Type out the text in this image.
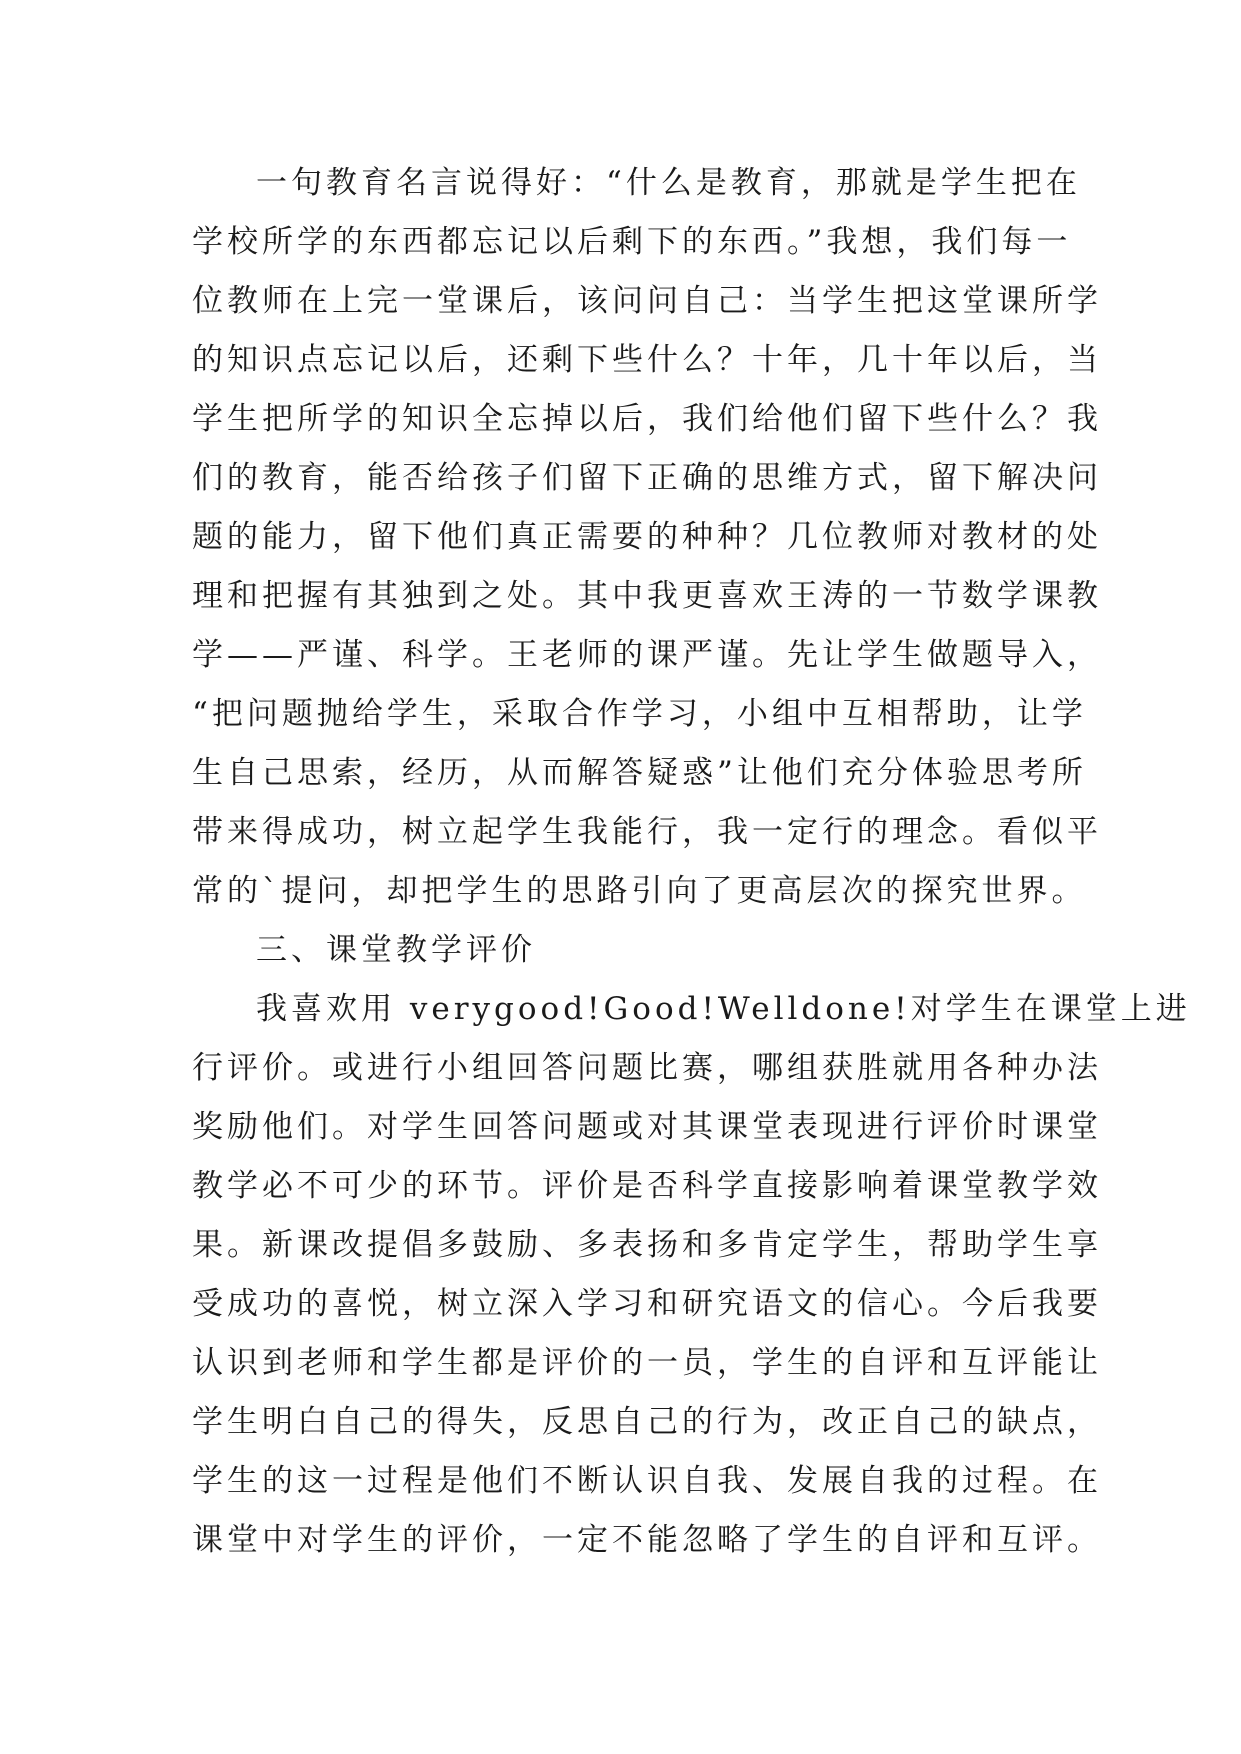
一句教育名言说得好：“什么是教育，那就是学生把在
学校所学的东西都忘记以后剩下的东西。”我想，我们每一
位教师在上完一堂课后，该问问自己：当学生把这堂课所学
的知识点忘记以后，还剩下些什么？十年，几十年以后，当
学生把所学的知识全忘掉以后，我们给他们留下些什么？我
们的教育，能否给孩子们留下正确的思维方式，留下解决问
题的能力，留下他们真正需要的种种？几位教师对教材的处
理和把握有其独到之处。其中我更喜欢王涛的一节数学课教
学——严谨、科学。王老师的课严谨。先让学生做题导入，
“把问题抛给学生，采取合作学习，小组中互相帮助，让学
生自己思索，经历，从而解答疑惑”让他们充分体验思考所
带来得成功，树立起学生我能行，我一定行的理念。看似平
常的`提问，却把学生的思路引向了更高层次的探究世界。
三、课堂教学评价
我喜欢用 verygood!Good!Welldone!对学生在课堂上进
行评价。或进行小组回答问题比赛，哪组获胜就用各种办法
奖励他们。对学生回答问题或对其课堂表现进行评价时课堂
教学必不可少的环节。评价是否科学直接影响着课堂教学效
果。新课改提倡多鼓励、多表扬和多肯定学生，帮助学生享
受成功的喜悦，树立深入学习和研究语文的信心。今后我要
认识到老师和学生都是评价的一员，学生的自评和互评能让
学生明白自己的得失，反思自己的行为，改正自己的缺点，
学生的这一过程是他们不断认识自我、发展自我的过程。在
课堂中对学生的评价，一定不能忽略了学生的自评和互评。
